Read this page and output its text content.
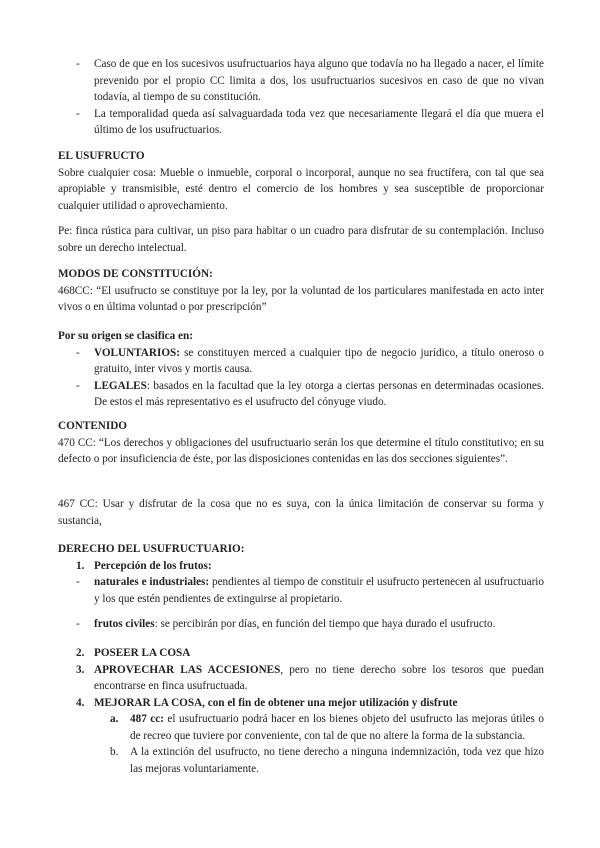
- Caso de que en los sucesivos usufructuarios haya alguno que todavía no ha llegado a nacer, el límite prevenido por el propio CC limita a dos, los usufructuarios sucesivos en caso de que no vivan todavía, al tiempo de su constitución.
- La temporalidad queda así salvaguardada toda vez que necesariamente llegará el día que muera el último de los usufructuarios.

EL USUFRUCTO

Sobre cualquier cosa: Mueble o inmueble, corporal o incorporal, aunque no sea fructífera, con tal que sea apropiable y transmisible, esté dentro el comercio de los hombres y sea susceptible de proporcionar cualquier utilidad o aprovechamiento.

Pe: finca rústica para cultivar, un piso para habitar o un cuadro para disfrutar de su contemplación. Incluso sobre un derecho intelectual.

MODOS DE CONSTITUCIÓN:

468CC: “El usufructo se constituye por la ley, por la voluntad de los particulares manifestada en acto inter vivos o en última voluntad o por prescripción”

Por su origen se clasifica en:

- VOLUNTARIOS: se constituyen merced a cualquier tipo de negocio jurídico, a título oneroso o gratuito, inter vivos y mortis causa.
- LEGALES: basados en la facultad que la ley otorga a ciertas personas en determinadas ocasiones. De estos el más representativo es el usufructo del cónyuge viudo.

CONTENIDO

470 CC: “Los derechos y obligaciones del usufructuario serán los que determine el título constitutivo; en su defecto o por insuficiencia de éste, por las disposiciones contenidas en las dos secciones siguientes”.

467 CC: Usar y disfrutar de la cosa que no es suya, con la única limitación de conservar su forma y sustancia,

DERECHO DEL USUFRUCTUARIO:

1. Percepción de los frutos:
- naturales e industriales: pendientes al tiempo de constituir el usufructo pertenecen al usufructuario y los que estén pendientes de extinguirse al propietario.
- frutos civiles: se percibirán por días, en función del tiempo que haya durado el usufructo.
2. POSEER LA COSA
3. APROVECHAR LAS ACCESIONES, pero no tiene derecho sobre los tesoros que puedan encontrarse en finca usufructuada.
4. MEJORAR LA COSA, con el fin de obtener una mejor utilización y disfrute
a. 487 cc: el usufructuario podrá hacer en los bienes objeto del usufructo las mejoras útiles o de recreo que tuviere por conveniente, con tal de que no altere la forma de la substancia.
b. A la extinción del usufructo, no tiene derecho a ninguna indemnización, toda vez que hizo las mejoras voluntariamente.
